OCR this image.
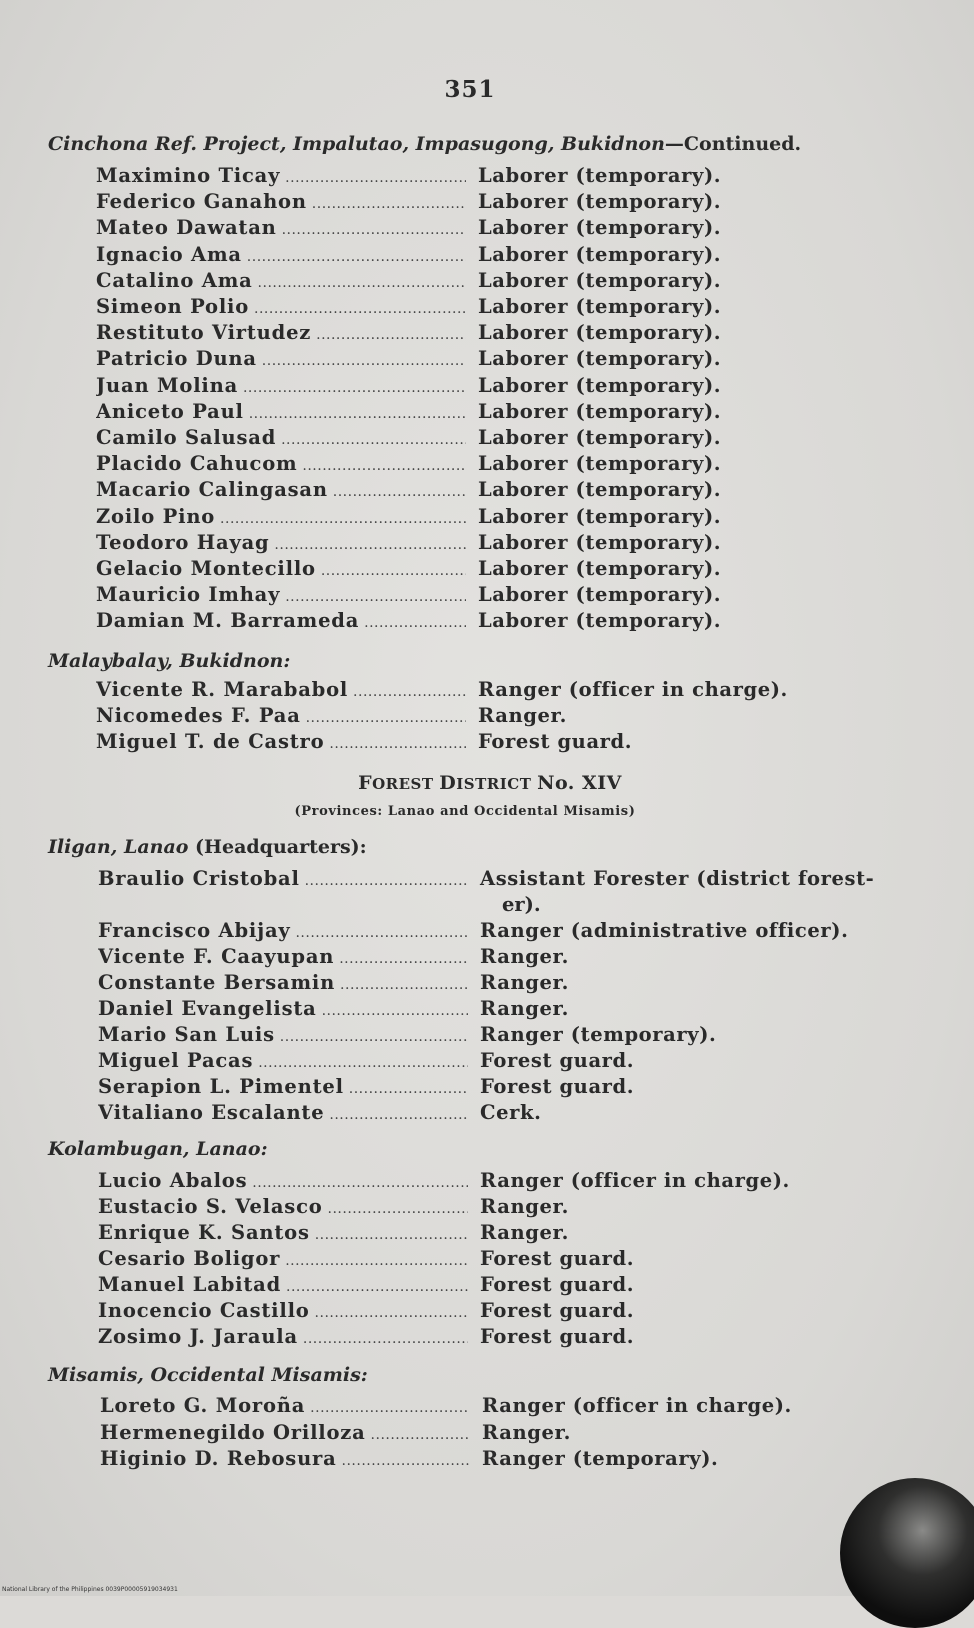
351
Cinchona Ref. Project, Impalutao, Impasugong, Bukidnon—Continued.
Maximino Ticay .....	Laborer (temporary).
Federico Ganahon .....	Laborer (temporary).
Mateo Dawatan .....	Laborer (temporary).
Ignacio Ama .....	Laborer (temporary).
Catalino Ama .....	Laborer (temporary).
Simeon Polio .....	Laborer (temporary).
Restituto Virtudez .....	Laborer (temporary).
Patricio Duna .....	Laborer (temporary).
Juan Molina .....	Laborer (temporary).
Aniceto Paul .....	Laborer (temporary).
Camilo Salusad .....	Laborer (temporary).
Placido Cahucom .....	Laborer (temporary).
Macario Calingasan .....	Laborer (temporary).
Zoilo Pino .....	Laborer (temporary).
Teodoro Hayag .....	Laborer (temporary).
Gelacio Montecillo .....	Laborer (temporary).
Mauricio Imhay .....	Laborer (temporary).
Damian M. Barrameda .....	Laborer (temporary).
Malaybalay, Bukidnon:
Vicente R. Marababol .....	Ranger (officer in charge).
Nicomedes F. Paa .....	Ranger.
Miguel T. de Castro .....	Forest guard.
Iligan, Lanao (Headquarters):
Braulio Cristobal .....	Assistant Forester (district forest-
er).
Francisco Abijay .....	Ranger (administrative officer).
Vicente F. Caayupan .....	Ranger.
Constante Bersamin .....	Ranger.
Daniel Evangelista .....	Ranger.
Mario San Luis .....	Ranger (temporary).
Miguel Pacas .....	Forest guard.
Serapion L. Pimentel .....	Forest guard.
Vitaliano Escalante .....	Cerk.
Kolambugan, Lanao:
Lucio Abalos .....	Ranger (officer in charge).
Eustacio S. Velasco .....	Ranger.
Enrique K. Santos .....	Ranger.
Cesario Boligor .....	Forest guard.
Manuel Labitad .....	Forest guard.
Inocencio Castillo .....	Forest guard.
Zosimo J. Jaraula .....	Forest guard.
Misamis, Occidental Misamis:
Loreto G. Moroña .....	Ranger (officer in charge).
Hermenegildo Orilloza .....	Ranger.
Higinio D. Rebosura .....	Ranger (temporary).
FOREST DISTRICT No. XIV
(Provinces: Lanao and Occidental Misamis)
National Library of the Philippines 0039P00005919034931
